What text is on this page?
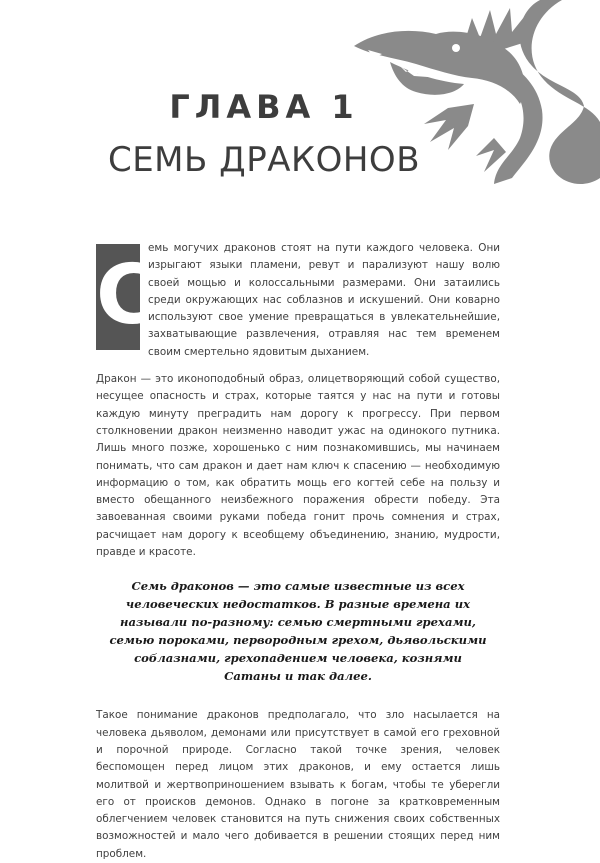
ГЛАВА 1
СЕМЬ ДРАКОНОВ
С

емь могучих драконов стоят на пути каждого человека. Они изрыгают языки пламени, ревут и парализуют нашу волю своей мощью и колоссальными размерами. Они затаились среди окружающих нас соблазнов и искушений. Они коварно используют свое умение превращаться в увлекательнейшие, захватывающие развлечения, отравляя нас тем временем своим смертельно ядовитым дыханием.

Дракон — это иконоподобный образ, олицетворяющий собой существо, несущее опасность и страх, которые таятся у нас на пути и готовы каждую минуту преградить нам дорогу к прогрессу. При первом столкновении дракон неизменно наводит ужас на одинокого путника. Лишь много позже, хорошенько с ним познакомившись, мы начинаем понимать, что сам дракон и дает нам ключ к спасению — необходимую информацию о том, как обратить мощь его когтей себе на пользу и вместо обещанного неизбежного поражения обрести победу. Эта завоеванная своими руками победа гонит прочь сомнения и страх, расчищает нам дорогу к всеобщему объединению, знанию, мудрости, правде и красоте.

Семь драконов — это самые известные из всех человеческих недостатков. В разные времена их называли по-разному: семью смертными грехами, семью пороками, первородным грехом, дьявольскими соблазнами, грехопадением человека, кознями Сатаны и так далее.

Такое понимание драконов предполагало, что зло насылается на человека дьяволом, демонами или присутствует в самой его греховной и порочной природе. Согласно такой точке зрения, человек беспомощен перед лицом этих драконов, и ему остается лишь молитвой и жертвоприношением взывать к богам, чтобы те уберегли его от происков демонов. Однако в погоне за кратковременным облегчением человек становится на путь снижения своих собственных возможностей и мало чего добивается в решении стоящих перед ним проблем.
